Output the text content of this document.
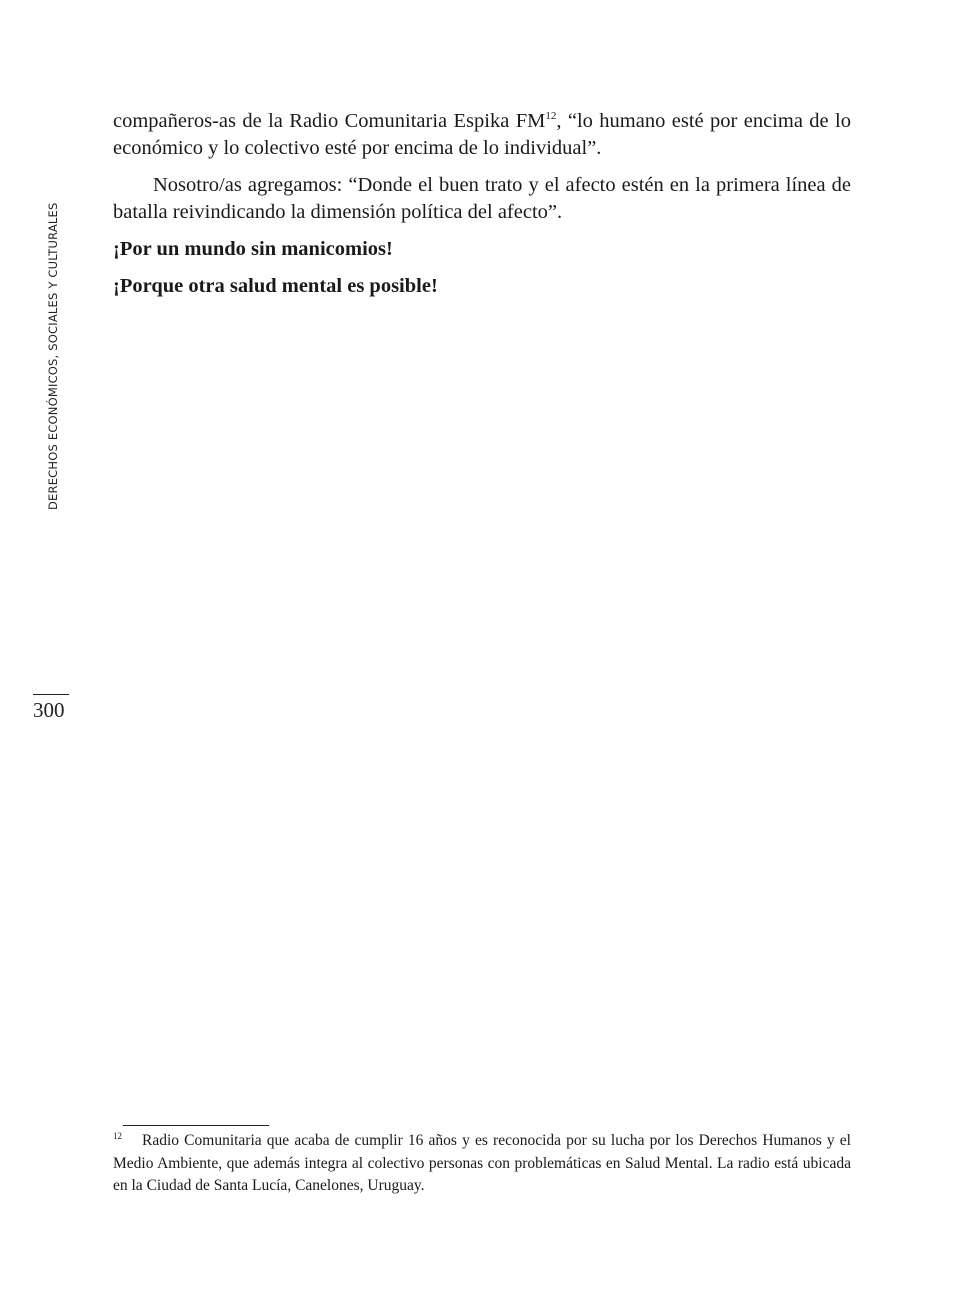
DERECHOS ECONÓMICOS, SOCIALES Y CULTURALES
300

compañeros-as de la Radio Comunitaria Espika FM$^{12}$, “lo humano esté por encima de lo económico y lo colectivo esté por encima de lo individual”.

Nosotro/as agregamos: “Donde el buen trato y el afecto estén en la primera línea de batalla reivindicando la dimensión política del afecto”.

¡Por un mundo sin manicomios!

¡Porque otra salud mental es posible!

12 Radio Comunitaria que acaba de cumplir 16 años y es reconocida por su lucha por los Derechos Humanos y el Medio Ambiente, que además integra al colectivo personas con problemáticas en Salud Mental. La radio está ubicada en la Ciudad de Santa Lucía, Canelones, Uruguay.
